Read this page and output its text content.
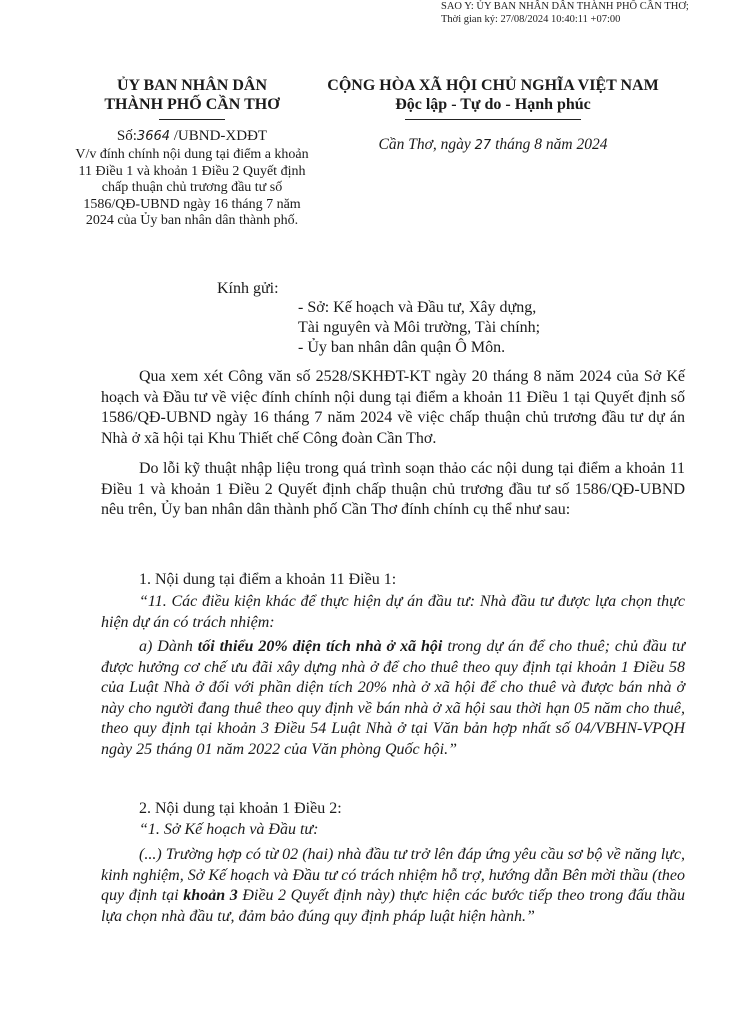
SAO Y: ỦY BAN NHÂN DÂN THÀNH PHỐ CẦN THƠ;
Thời gian ký: 27/08/2024 10:40:11 +07:00
ỦY BAN NHÂN DÂN
THÀNH PHỐ CẦN THƠ
Số:3664 /UBND-XDĐT
V/v đính chính nội dung tại điểm a khoản 11 Điều 1 và khoản 1 Điều 2 Quyết định chấp thuận chủ trương đầu tư số 1586/QĐ-UBND ngày 16 tháng 7 năm 2024 của Ủy ban nhân dân thành phố.
CỘNG HÒA XÃ HỘI CHỦ NGHĨA VIỆT NAM
Độc lập - Tự do - Hạnh phúc
Cần Thơ, ngày 27 tháng 8 năm 2024
Kính gửi:
- Sở: Kế hoạch và Đầu tư, Xây dựng,
Tài nguyên và Môi trường, Tài chính;
- Ủy ban nhân dân quận Ô Môn.
Qua xem xét Công văn số 2528/SKHĐT-KT ngày 20 tháng 8 năm 2024 của Sở Kế hoạch và Đầu tư về việc đính chính nội dung tại điểm a khoản 11 Điều 1 tại Quyết định số 1586/QĐ-UBND ngày 16 tháng 7 năm 2024 về việc chấp thuận chủ trương đầu tư dự án Nhà ở xã hội tại Khu Thiết chế Công đoàn Cần Thơ.
Do lỗi kỹ thuật nhập liệu trong quá trình soạn thảo các nội dung tại điểm a khoản 11 Điều 1 và khoản 1 Điều 2 Quyết định chấp thuận chủ trương đầu tư số 1586/QĐ-UBND nêu trên, Ủy ban nhân dân thành phố Cần Thơ đính chính cụ thể như sau:
1. Nội dung tại điểm a khoản 11 Điều 1:
“11. Các điều kiện khác để thực hiện dự án đầu tư: Nhà đầu tư được lựa chọn thực hiện dự án có trách nhiệm:
a) Dành tối thiểu 20% diện tích nhà ở xã hội trong dự án để cho thuê; chủ đầu tư được hưởng cơ chế ưu đãi xây dựng nhà ở để cho thuê theo quy định tại khoản 1 Điều 58 của Luật Nhà ở đối với phần diện tích 20% nhà ở xã hội để cho thuê và được bán nhà ở này cho người đang thuê theo quy định về bán nhà ở xã hội sau thời hạn 05 năm cho thuê, theo quy định tại khoản 3 Điều 54 Luật Nhà ở tại Văn bản hợp nhất số 04/VBHN-VPQH ngày 25 tháng 01 năm 2022 của Văn phòng Quốc hội.”
2. Nội dung tại khoản 1 Điều 2:
“1. Sở Kế hoạch và Đầu tư:
(...) Trường hợp có từ 02 (hai) nhà đầu tư trở lên đáp ứng yêu cầu sơ bộ về năng lực, kinh nghiệm, Sở Kế hoạch và Đầu tư có trách nhiệm hỗ trợ, hướng dẫn Bên mời thầu (theo quy định tại khoản 3 Điều 2 Quyết định này) thực hiện các bước tiếp theo trong đấu thầu lựa chọn nhà đầu tư, đảm bảo đúng quy định pháp luật hiện hành.”
